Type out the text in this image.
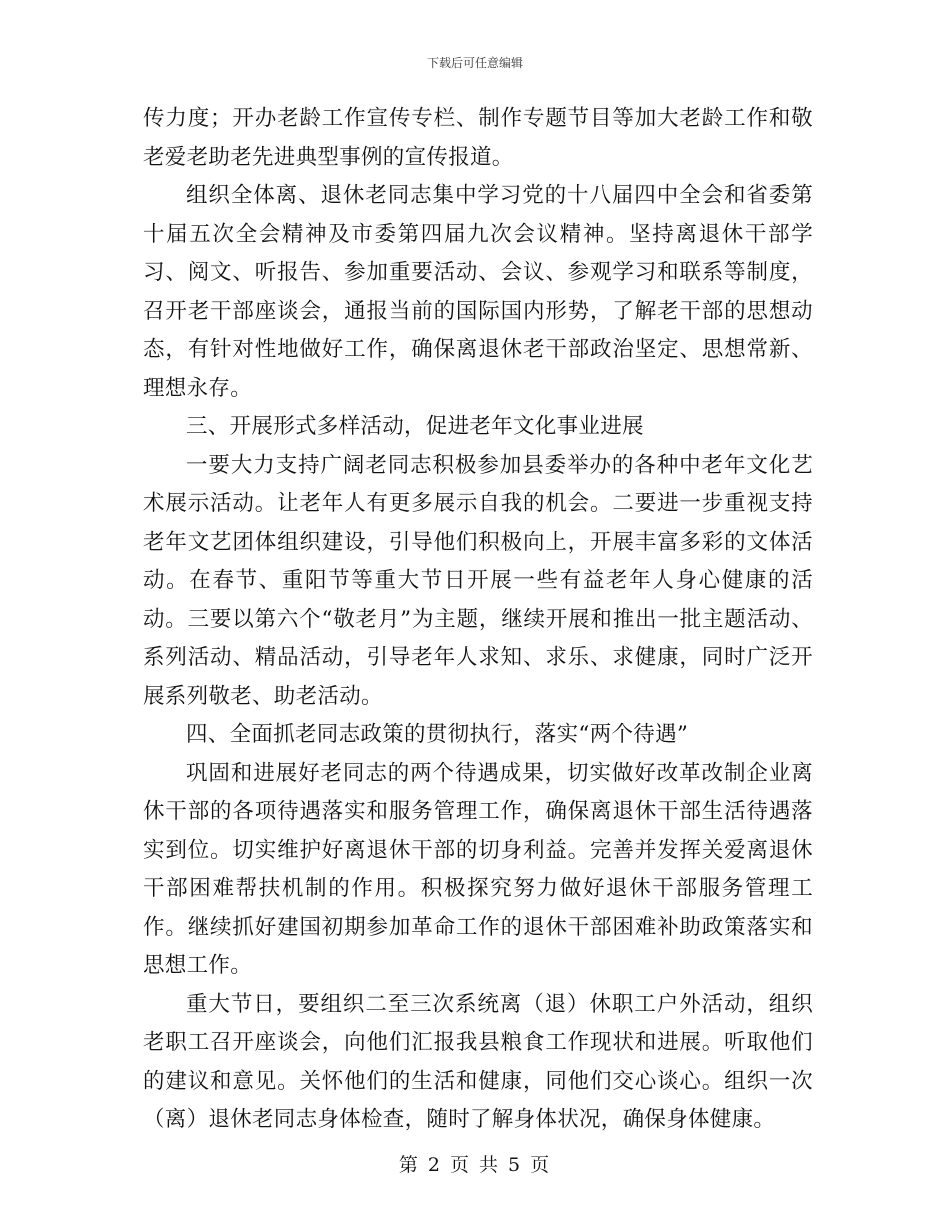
下载后可任意编辑

传力度；开办老龄工作宣传专栏、制作专题节目等加大老龄工作和敬老爱老助老先进典型事例的宣传报道。

组织全体离、退休老同志集中学习党的十八届四中全会和省委第十届五次全会精神及市委第四届九次会议精神。坚持离退休干部学习、阅文、听报告、参加重要活动、会议、参观学习和联系等制度，召开老干部座谈会，通报当前的国际国内形势，了解老干部的思想动态，有针对性地做好工作，确保离退休老干部政治坚定、思想常新、理想永存。

三、开展形式多样活动，促进老年文化事业进展

一要大力支持广阔老同志积极参加县委举办的各种中老年文化艺术展示活动。让老年人有更多展示自我的机会。二要进一步重视支持老年文艺团体组织建设，引导他们积极向上，开展丰富多彩的文体活动。在春节、重阳节等重大节日开展一些有益老年人身心健康的活动。三要以第六个“敬老月”为主题，继续开展和推出一批主题活动、系列活动、精品活动，引导老年人求知、求乐、求健康，同时广泛开展系列敬老、助老活动。

四、全面抓老同志政策的贯彻执行，落实“两个待遇”

巩固和进展好老同志的两个待遇成果，切实做好改革改制企业离休干部的各项待遇落实和服务管理工作，确保离退休干部生活待遇落实到位。切实维护好离退休干部的切身利益。完善并发挥关爱离退休干部困难帮扶机制的作用。积极探究努力做好退休干部服务管理工作。继续抓好建国初期参加革命工作的退休干部困难补助政策落实和思想工作。

重大节日，要组织二至三次系统离（退）休职工户外活动，组织老职工召开座谈会，向他们汇报我县粮食工作现状和进展。听取他们的建议和意见。关怀他们的生活和健康，同他们交心谈心。组织一次（离）退休老同志身体检查，随时了解身体状况，确保身体健康。

第 2 页 共 5 页
